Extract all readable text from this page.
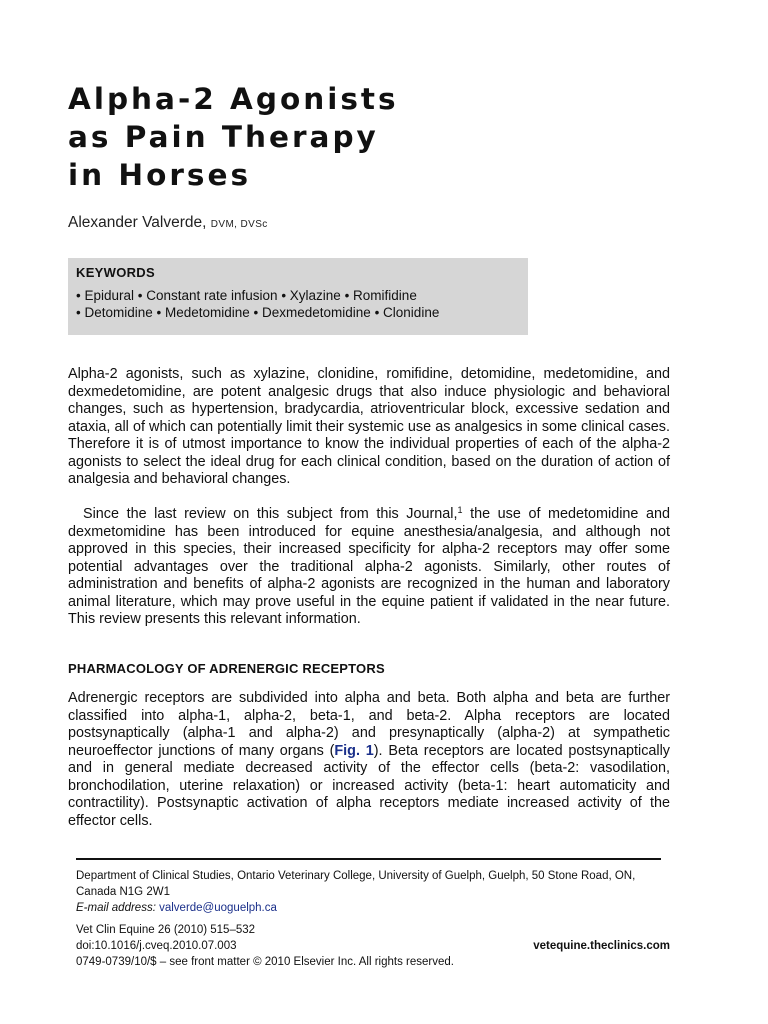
Alpha-2 Agonists
as Pain Therapy
in Horses
Alexander Valverde, DVM, DVSc
KEYWORDS
• Epidural • Constant rate infusion • Xylazine • Romifidine
• Detomidine • Medetomidine • Dexmedetomidine • Clonidine

Alpha-2 agonists, such as xylazine, clonidine, romifidine, detomidine, medetomidine, and dexmedetomidine, are potent analgesic drugs that also induce physiologic and behavioral changes, such as hypertension, bradycardia, atrioventricular block, excessive sedation and ataxia, all of which can potentially limit their systemic use as analgesics in some clinical cases. Therefore it is of utmost importance to know the individual properties of each of the alpha-2 agonists to select the ideal drug for each clinical condition, based on the duration of action of analgesia and behavioral changes.

Since the last review on this subject from this Journal,$^1$ the use of medetomidine and dexmetomidine has been introduced for equine anesthesia/analgesia, and although not approved in this species, their increased specificity for alpha-2 receptors may offer some potential advantages over the traditional alpha-2 agonists. Similarly, other routes of administration and benefits of alpha-2 agonists are recognized in the human and laboratory animal literature, which may prove useful in the equine patient if validated in the near future. This review presents this relevant information.

PHARMACOLOGY OF ADRENERGIC RECEPTORS

Adrenergic receptors are subdivided into alpha and beta. Both alpha and beta are further classified into alpha-1, alpha-2, beta-1, and beta-2. Alpha receptors are located postsynaptically (alpha-1 and alpha-2) and presynaptically (alpha-2) at sympathetic neuroeffector junctions of many organs (Fig. 1). Beta receptors are located postsynaptically and in general mediate decreased activity of the effector cells (beta-2: vasodilation, bronchodilation, uterine relaxation) or increased activity (beta-1: heart automaticity and contractility). Postsynaptic activation of alpha receptors mediate increased activity of the effector cells.

Department of Clinical Studies, Ontario Veterinary College, University of Guelph, Guelph, 50 Stone Road, ON, Canada N1G 2W1
E-mail address: valverde@uoguelph.ca
Vet Clin Equine 26 (2010) 515–532
doi:10.1016/j.cveq.2010.07.003	vetequine.theclinics.com
0749-0739/10/$ – see front matter © 2010 Elsevier Inc. All rights reserved.
